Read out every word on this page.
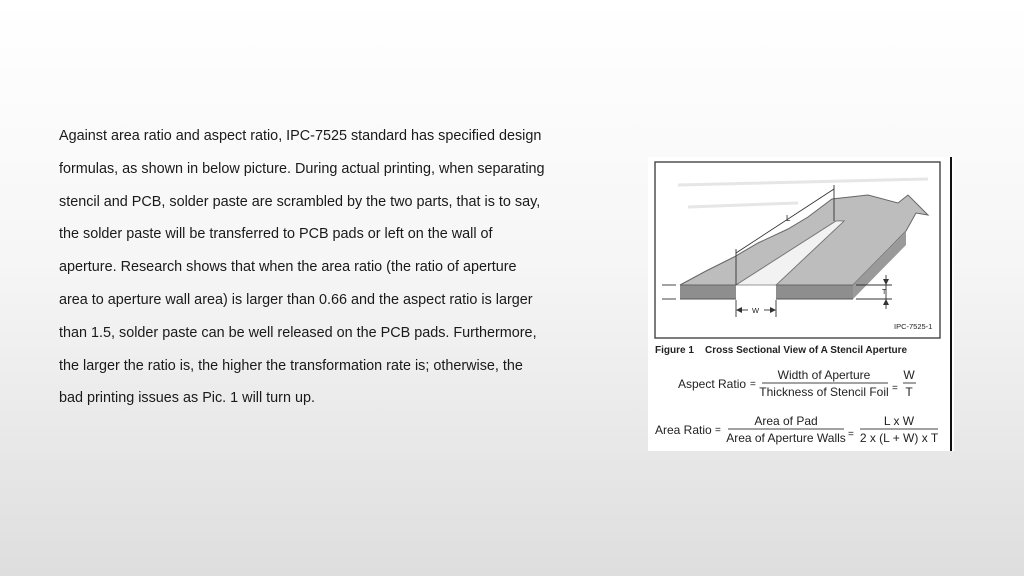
Against area ratio and aspect ratio, IPC-7525 standard has specified design
formulas, as shown in below picture. During actual printing, when separating
stencil and PCB, solder paste are scrambled by the two parts, that is to say,
the solder paste will be transferred to PCB pads or left on the wall of
aperture. Research shows that when the area ratio (the ratio of aperture
area to aperture wall area) is larger than 0.66 and the aspect ratio is larger
than 1.5, solder paste can be well released on the PCB pads. Furthermore,
the larger the ratio is, the higher the transformation rate is; otherwise, the
bad printing issues as Pic. 1 will turn up.

L
W
T
IPC-7525-1
Figure 1 Cross Sectional View of A Stencil Aperture
Aspect Ratio =
Width of Aperture
Thickness of Stencil Foil =
W
T
Area Ratio =
Area of Pad
Area of Aperture Walls =
L x W
2 x (L + W) x T
